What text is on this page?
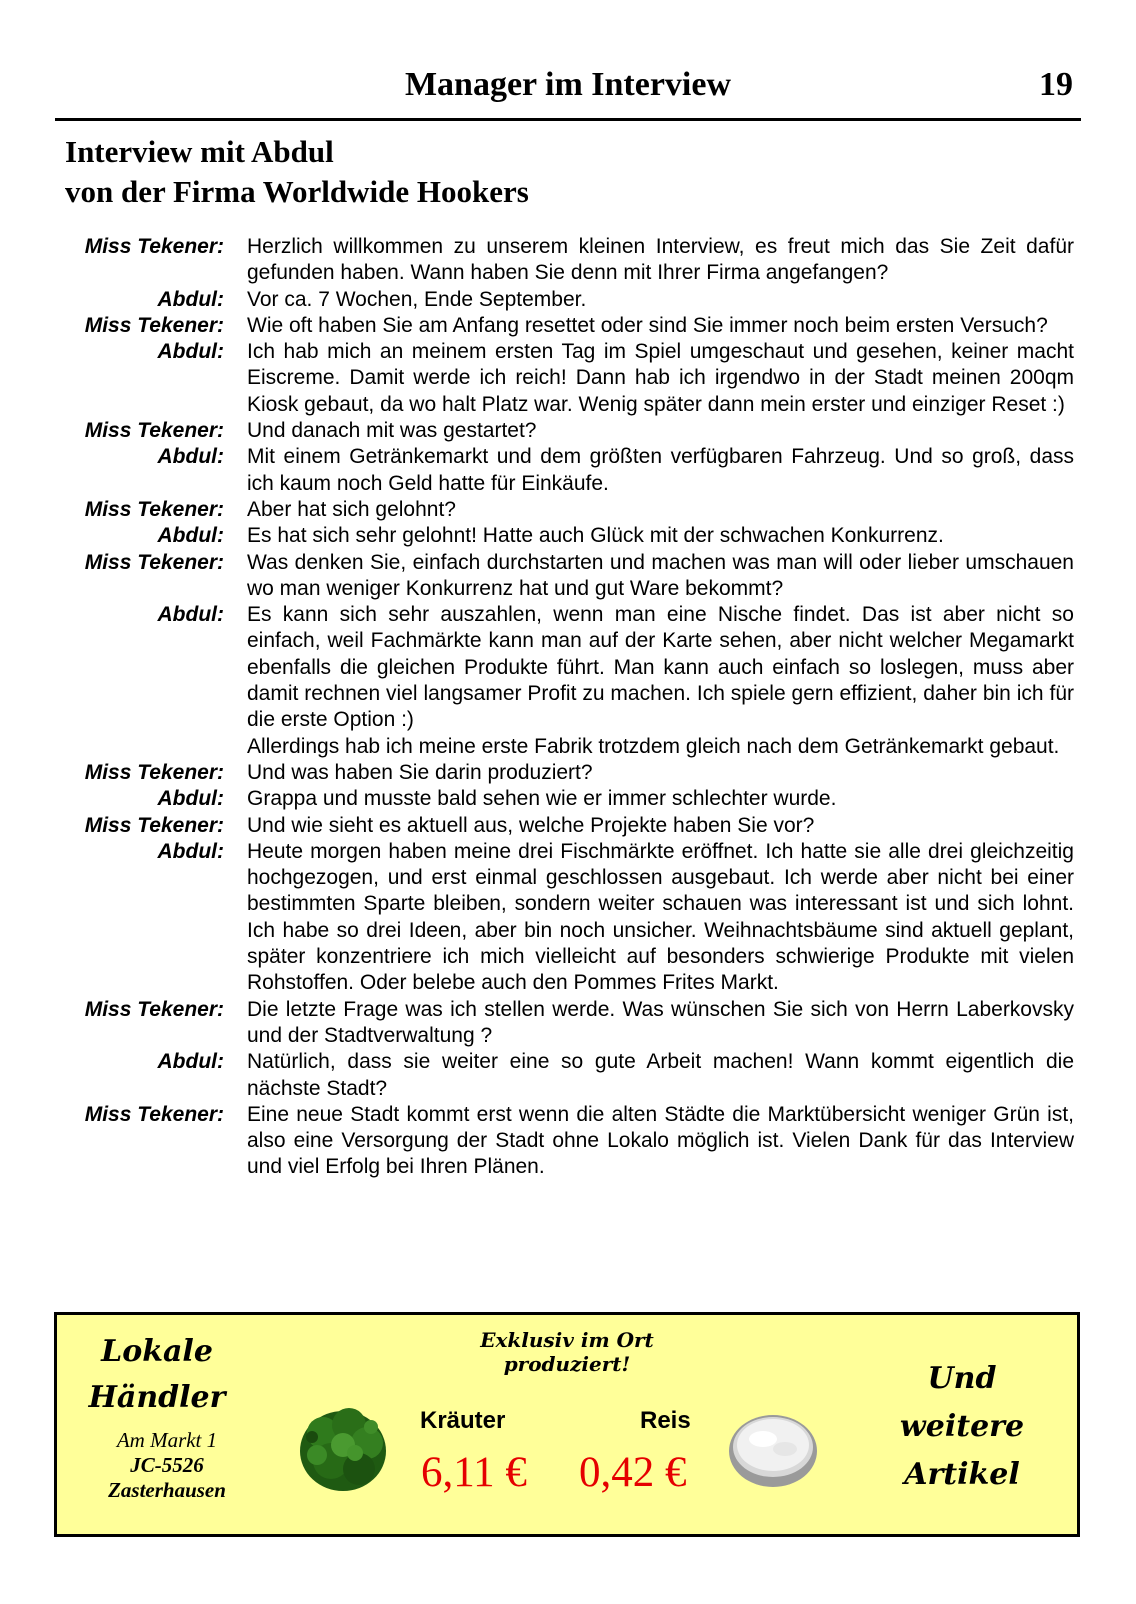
Manager im Interview	19
Interview mit Abdul
von der Firma Worldwide Hookers
Miss Tekener: Herzlich willkommen zu unserem kleinen Interview, es freut mich das Sie Zeit dafür gefunden haben. Wann haben Sie denn mit Ihrer Firma angefangen?

Abdul: Vor ca. 7 Wochen, Ende September.

Miss Tekener: Wie oft haben Sie am Anfang resettet oder sind Sie immer noch beim ersten Versuch?

Abdul: Ich hab mich an meinem ersten Tag im Spiel umgeschaut und gesehen, keiner macht Eiscreme. Damit werde ich reich! Dann hab ich irgendwo in der Stadt meinen 200qm Kiosk gebaut, da wo halt Platz war. Wenig später dann mein erster und einziger Reset :)

Miss Tekener: Und danach mit was gestartet?

Abdul: Mit einem Getränkemarkt und dem größten verfügbaren Fahrzeug. Und so groß, dass ich kaum noch Geld hatte für Einkäufe.

Miss Tekener: Aber hat sich gelohnt?

Abdul: Es hat sich sehr gelohnt! Hatte auch Glück mit der schwachen Konkurrenz.

Miss Tekener: Was denken Sie, einfach durchstarten und machen was man will oder lieber umschauen wo man weniger Konkurrenz hat und gut Ware bekommt?

Abdul: Es kann sich sehr auszahlen, wenn man eine Nische findet. Das ist aber nicht so einfach, weil Fachmärkte kann man auf der Karte sehen, aber nicht welcher Megamarkt ebenfalls die gleichen Produkte führt. Man kann auch einfach so loslegen, muss aber damit rechnen viel langsamer Profit zu machen. Ich spiele gern effizient, daher bin ich für die erste Option :)

Allerdings hab ich meine erste Fabrik trotzdem gleich nach dem Getränkemarkt gebaut.

Miss Tekener: Und was haben Sie darin produziert?

Abdul: Grappa und musste bald sehen wie er immer schlechter wurde.

Miss Tekener: Und wie sieht es aktuell aus, welche Projekte haben Sie vor?

Abdul: Heute morgen haben meine drei Fischmärkte eröffnet. Ich hatte sie alle drei gleichzeitig hochgezogen, und erst einmal geschlossen ausgebaut. Ich werde aber nicht bei einer bestimmten Sparte bleiben, sondern weiter schauen was interessant ist und sich lohnt. Ich habe so drei Ideen, aber bin noch unsicher. Weihnachtsbäume sind aktuell geplant, später konzentriere ich mich vielleicht auf besonders schwierige Produkte mit vielen Rohstoffen. Oder belebe auch den Pommes Frites Markt.

Miss Tekener: Die letzte Frage was ich stellen werde. Was wünschen Sie sich von Herrn Laberkovsky und der Stadtverwaltung ?

Abdul: Natürlich, dass sie weiter eine so gute Arbeit machen! Wann kommt eigentlich die nächste Stadt?

Miss Tekener: Eine neue Stadt kommt erst wenn die alten Städte die Marktübersicht weniger Grün ist, also eine Versorgung der Stadt ohne Lokalo möglich ist. Vielen Dank für das Interview und viel Erfolg bei Ihren Plänen.

Lokale
Händler
Am Markt 1
JC-5526
Zasterhausen
Exklusiv im Ort produziert!
Kräuter	Reis
6,11 € 0,42 €
Und
weitere
Artikel
